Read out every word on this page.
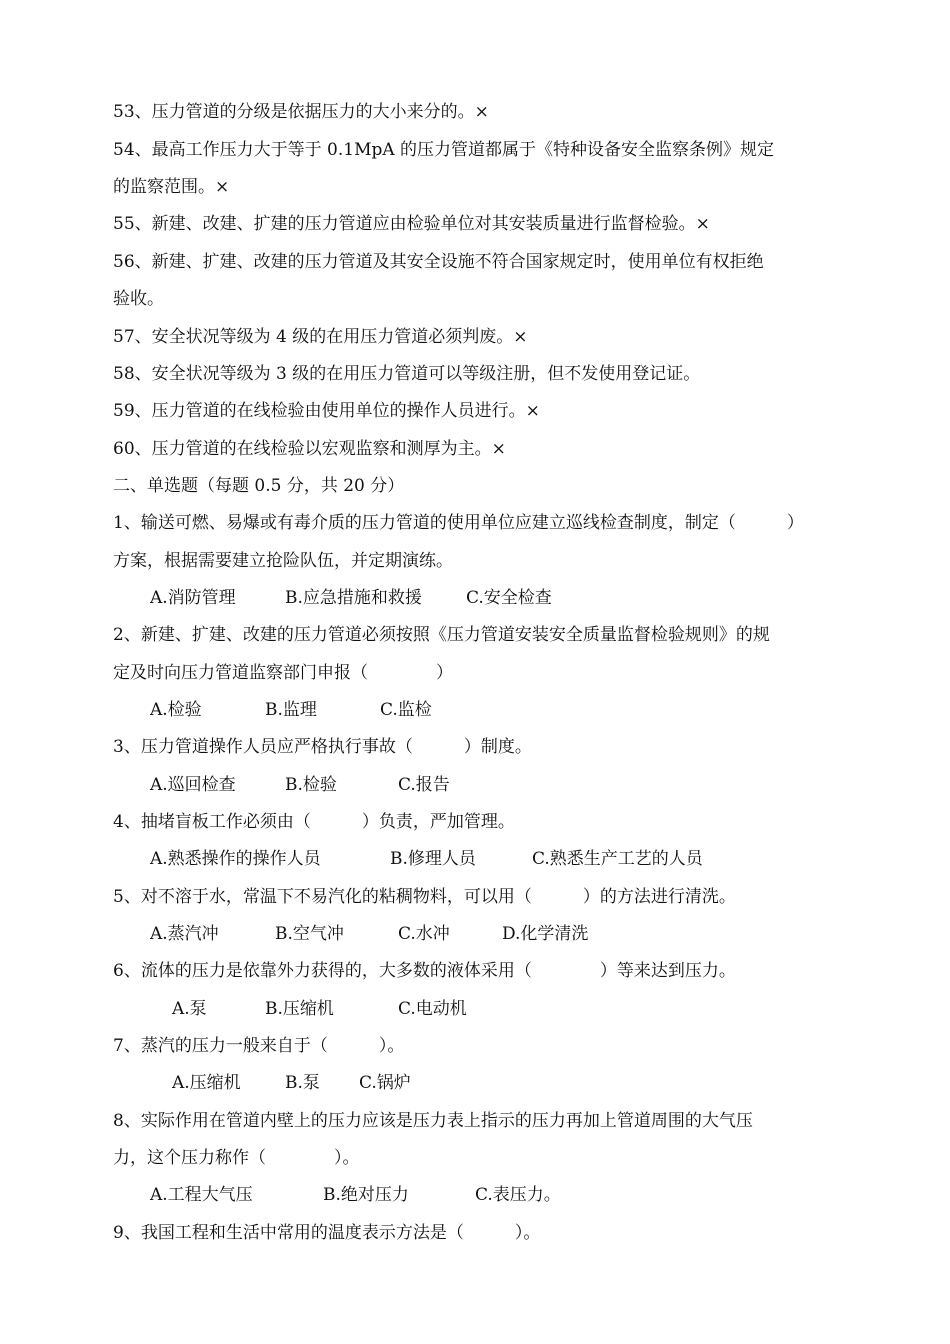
53、压力管道的分级是依据压力的大小来分的。×
54、最高工作压力大于等于 0.1MpA 的压力管道都属于《特种设备安全监察条例》规定
的监察范围。×
55、新建、改建、扩建的压力管道应由检验单位对其安装质量进行监督检验。×
56、新建、扩建、改建的压力管道及其安全设施不符合国家规定时，使用单位有权拒绝
验收。
57、安全状况等级为 4 级的在用压力管道必须判废。×
58、安全状况等级为 3 级的在用压力管道可以等级注册，但不发使用登记证。
59、压力管道的在线检验由使用单位的操作人员进行。×
60、压力管道的在线检验以宏观监察和测厚为主。×
二、单选题（每题 0.5 分，共 20 分）
1、输送可燃、易爆或有毒介质的压力管道的使用单位应建立巡线检查制度，制定（　　　）
方案，根据需要建立抢险队伍，并定期演练。
A.消防管理	B.应急措施和救援	C.安全检查
2、新建、扩建、改建的压力管道必须按照《压力管道安装安全质量监督检验规则》的规
定及时向压力管道监察部门申报（　　　　）
A.检验	B.监理	C.监检
3、压力管道操作人员应严格执行事故（　　　）制度。
A.巡回检查	B.检验	C.报告
4、抽堵盲板工作必须由（　　　）负责，严加管理。
A.熟悉操作的操作人员	B.修理人员	C.熟悉生产工艺的人员
5、对不溶于水，常温下不易汽化的粘稠物料，可以用（　　　）的方法进行清洗。
A.蒸汽冲	B.空气冲	C.水冲	D.化学清洗
6、流体的压力是依靠外力获得的，大多数的液体采用（　　　　）等来达到压力。
A.泵	B.压缩机	C.电动机
7、蒸汽的压力一般来自于（　　　）。
A.压缩机	B.泵 C.锅炉
8、实际作用在管道内壁上的压力应该是压力表上指示的压力再加上管道周围的大气压
力，这个压力称作（　　　　）。
A.工程大气压	B.绝对压力	C.表压力。
9、我国工程和生活中常用的温度表示方法是（　　　）。
